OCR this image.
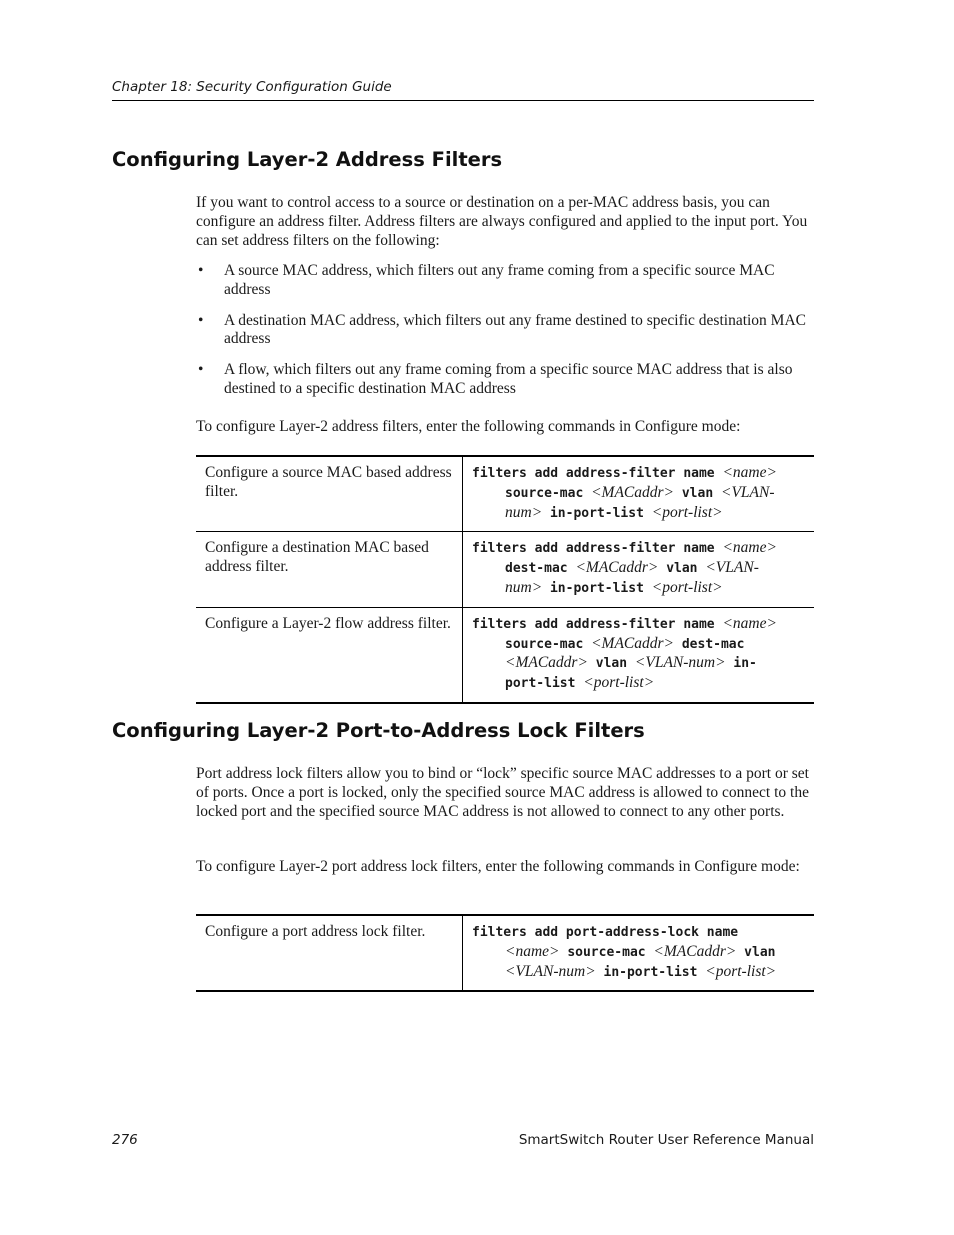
Chapter 18: Security Configuration Guide
Configuring Layer-2 Address Filters

If you want to control access to a source or destination on a per-MAC address basis, you can configure an address filter. Address filters are always configured and applied to the input port. You can set address filters on the following:

• A source MAC address, which filters out any frame coming from a specific source MAC address
• A destination MAC address, which filters out any frame destined to specific destination MAC address
• A flow, which filters out any frame coming from a specific source MAC address that is also destined to a specific destination MAC address

To configure Layer-2 address filters, enter the following commands in Configure mode:

Configure a source MAC based address filter.	filters add address-filter name <name>
source-mac <MACaddr> vlan <VLAN-
num> in-port-list <port-list>

Configure a destination MAC based address filter.	filters add address-filter name <name>
dest-mac <MACaddr> vlan <VLAN-
num> in-port-list <port-list>

Configure a Layer-2 flow address filter.	filters add address-filter name <name>
source-mac <MACaddr> dest-mac
<MACaddr> vlan <VLAN-num> in-
port-list <port-list>
Configuring Layer-2 Port-to-Address Lock Filters

Port address lock filters allow you to bind or “lock” specific source MAC addresses to a port or set of ports. Once a port is locked, only the specified source MAC address is allowed to connect to the locked port and the specified source MAC address is not allowed to connect to any other ports.

To configure Layer-2 port address lock filters, enter the following commands in Configure mode:

Configure a port address lock filter.	filters add port-address-lock name
<name> source-mac <MACaddr> vlan
<VLAN-num> in-port-list <port-list>
276	SmartSwitch Router User Reference Manual
